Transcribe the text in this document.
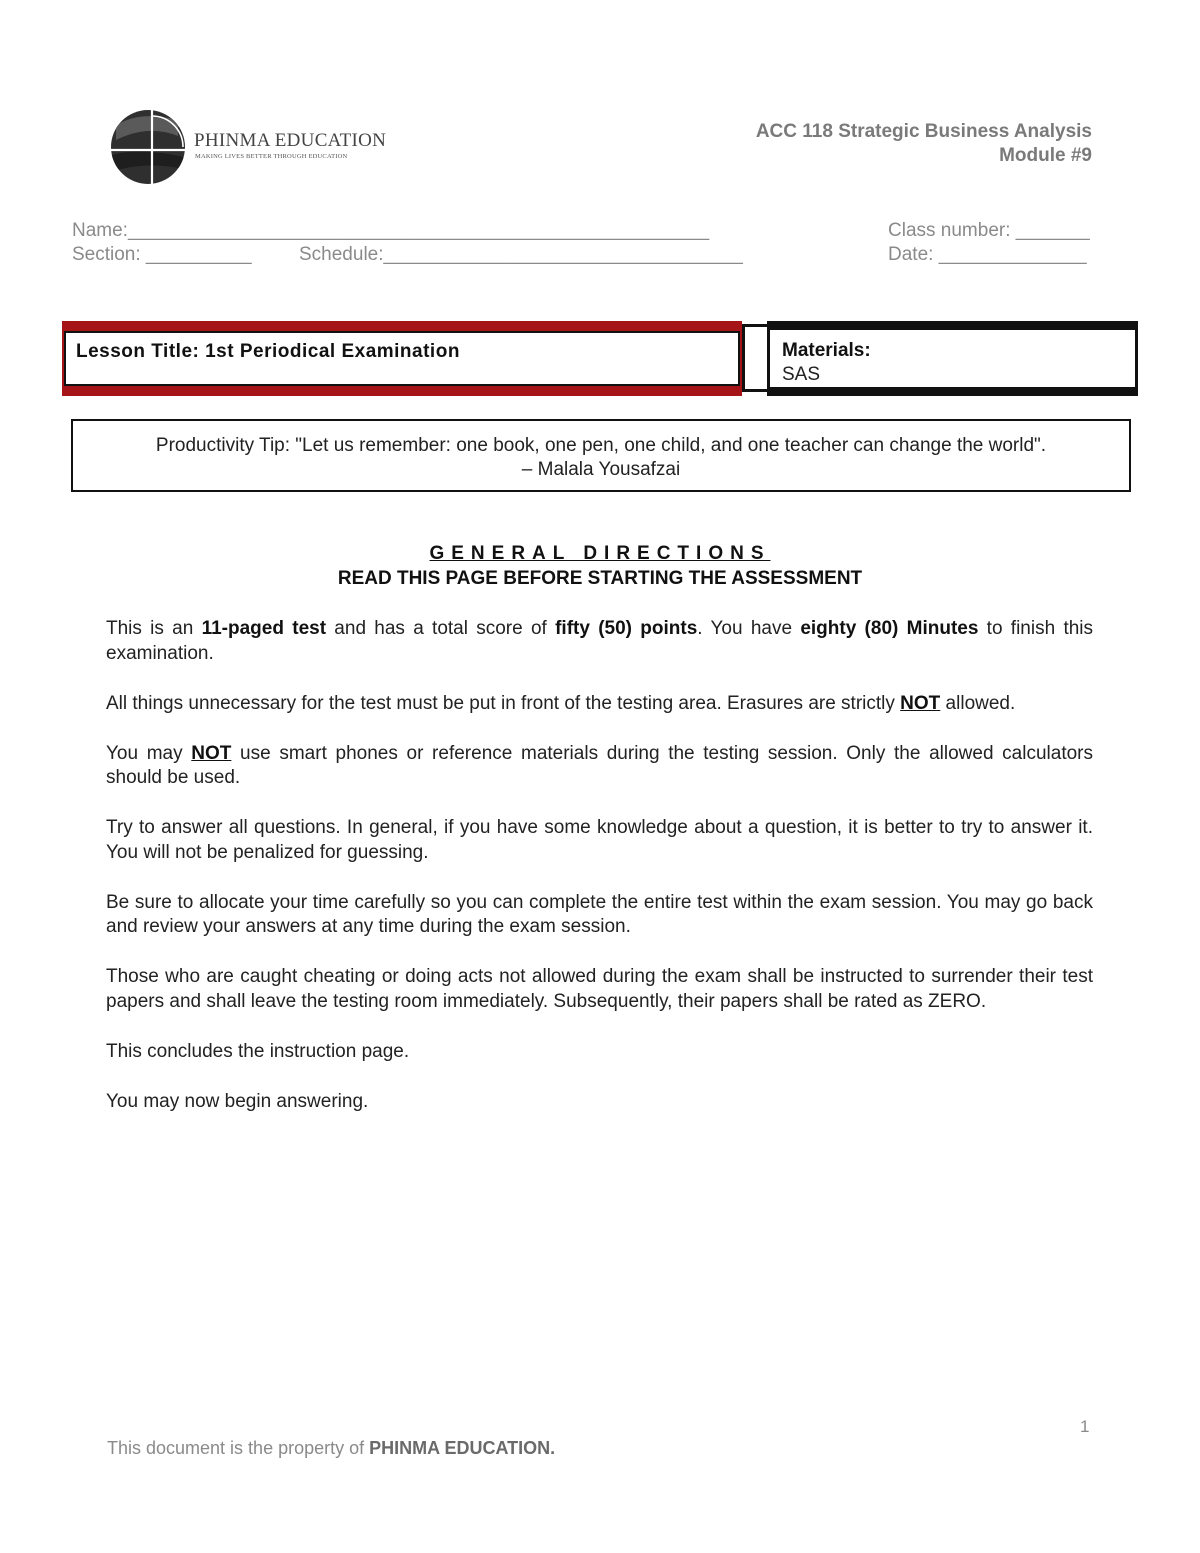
PHINMA EDUCATION
MAKING LIVES BETTER THROUGH EDUCATION
ACC 118 Strategic Business Analysis
Module #9
Name:_______________________________________________________
Section: __________ Schedule:__________________________________
Class number: _______
Date: ______________
Lesson Title: 1st Periodical Examination	Materials:
SAS
Productivity Tip: "Let us remember: one book, one pen, one child, and one teacher can change the world".
– Malala Yousafzai
GENERAL DIRECTIONS
READ THIS PAGE BEFORE STARTING THE ASSESSMENT

This is an 11-paged test and has a total score of fifty (50) points. You have eighty (80) Minutes to finish this examination.

All things unnecessary for the test must be put in front of the testing area. Erasures are strictly NOT allowed.

You may NOT use smart phones or reference materials during the testing session. Only the allowed calculators should be used.

Try to answer all questions. In general, if you have some knowledge about a question, it is better to try to answer it. You will not be penalized for guessing.

Be sure to allocate your time carefully so you can complete the entire test within the exam session. You may go back and review your answers at any time during the exam session.

Those who are caught cheating or doing acts not allowed during the exam shall be instructed to surrender their test papers and shall leave the testing room immediately. Subsequently, their papers shall be rated as ZERO.

This concludes the instruction page.

You may now begin answering.

1
This document is the property of PHINMA EDUCATION.
